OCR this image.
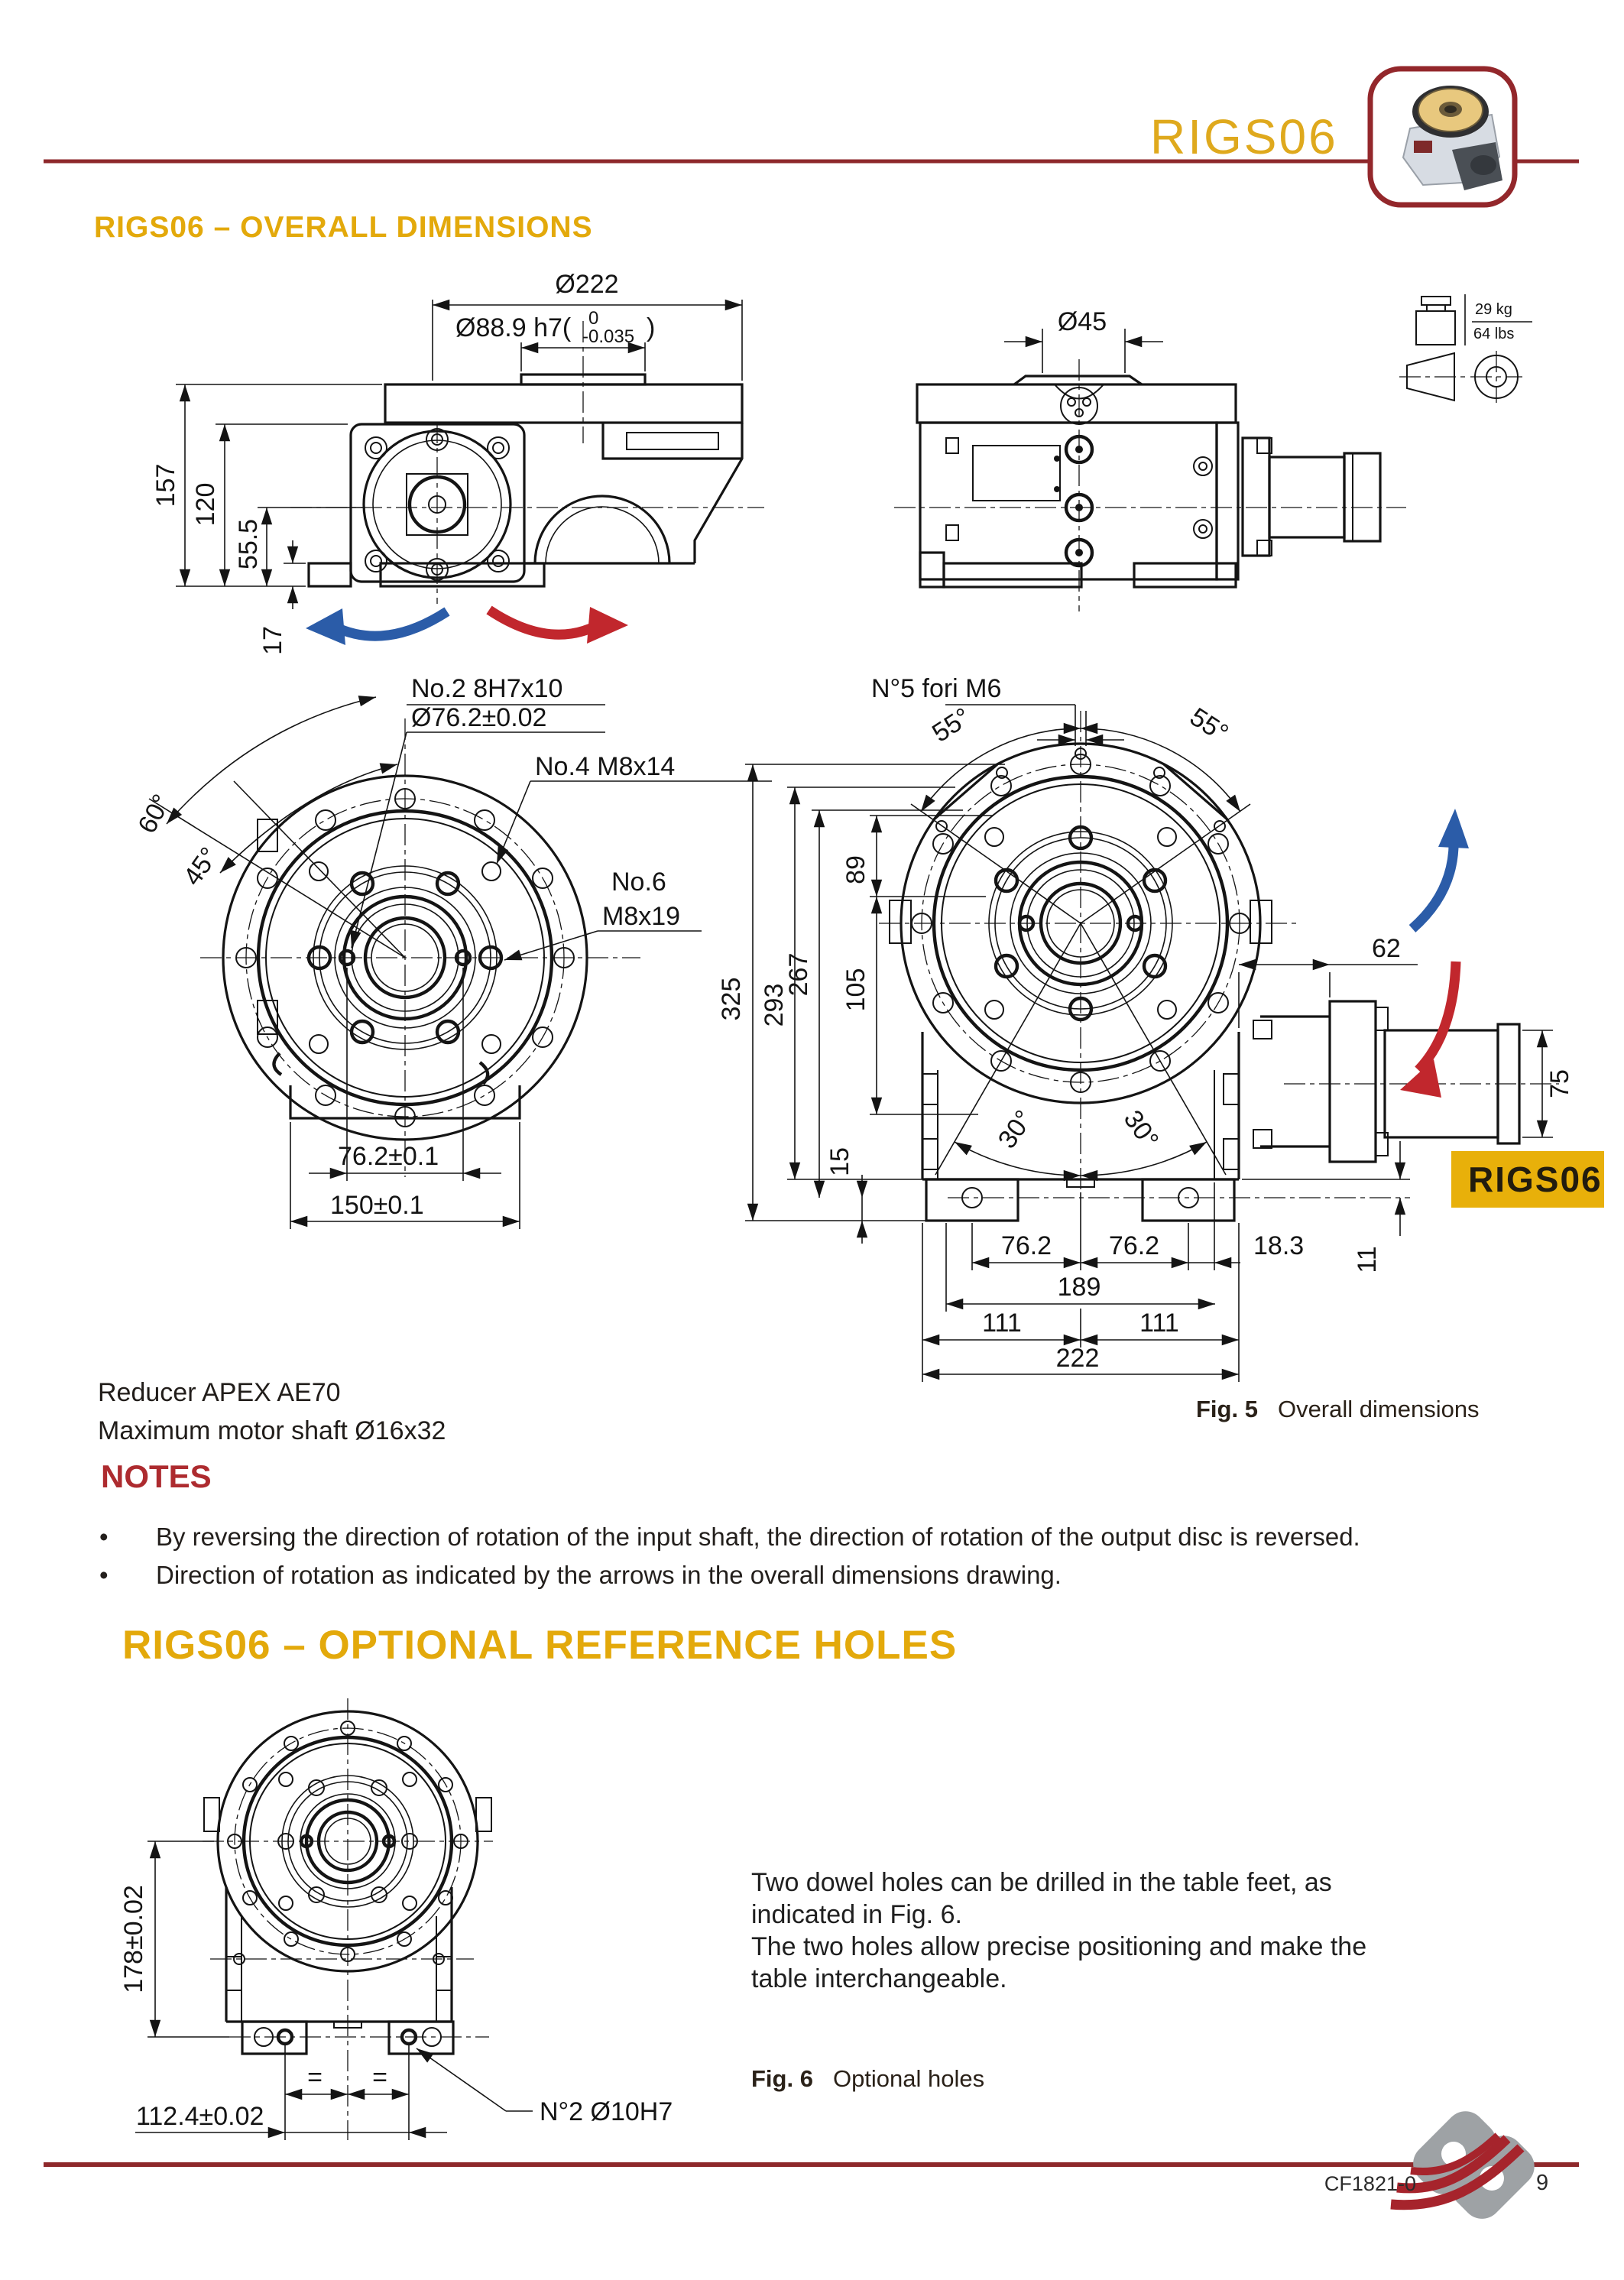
Ø222
Ø88.9 h7( 0
-0.035 )
157 120
55.5
17
Ø45	29 kg
64 lbs
No.2 8H7x10
Ø76.2±0.02
No.4 M8x14
No.6
M8x19
60°
45°
76.2±0.1
150±0.1
N°5 fori M6
55°	55°
325 293
267
89
105
15
30°	30°
62
75
11
76.2 76.2	18.3
189
111	111
222
178±0.02
= =
112.4±0.02	N°2 Ø10H7
RIGS06
RIGS06 – OVERALL DIMENSIONS
Reducer APEX AE70
Maximum motor shaft Ø16x32
Fig. 5 Overall dimensions
NOTES
• By reversing the direction of rotation of the input shaft, the direction of rotation of the output disc is reversed.
• Direction of rotation as indicated by the arrows in the overall dimensions drawing.
RIGS06 – OPTIONAL REFERENCE HOLES
Two dowel holes can be drilled in the table feet, as
indicated in Fig. 6.
The two holes allow precise positioning and make the
table interchangeable.
Fig. 6 Optional holes
RIGS06
CF1821-0	9
